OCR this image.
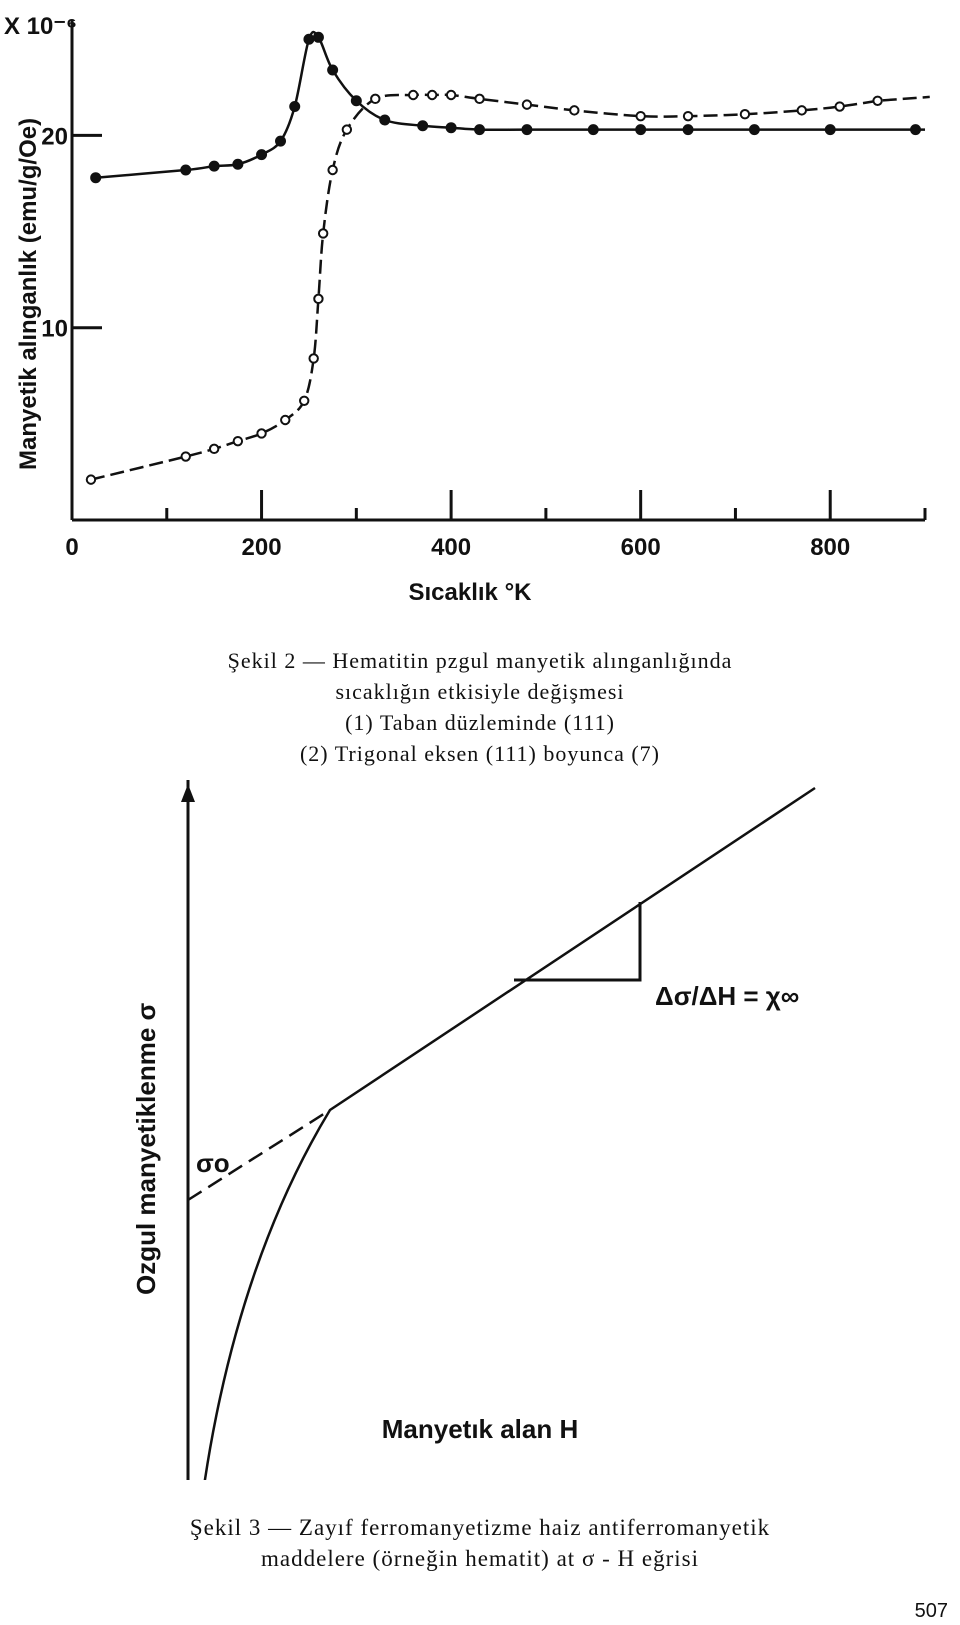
X 10⁻⁶
Manyetik alınganlık (emu/g/Oe)
0	200	400	600	800
10
20
Sıcaklık °K
Şekil 2 — Hematitin pzgul manyetik alınganlığında
sıcaklığın etkisiyle değişmesi
(1) Taban düzleminde (111)
(2) Trigonal eksen (111) boyunca (7)
Δσ/ΔH = χ∞
σo
Ozgul manyetiklenme σ
Manyetık alan H
Şekil 3 — Zayıf ferromanyetizme haiz antiferromanyetik
maddelere (örneğin hematit) at σ - H eğrisi
507
